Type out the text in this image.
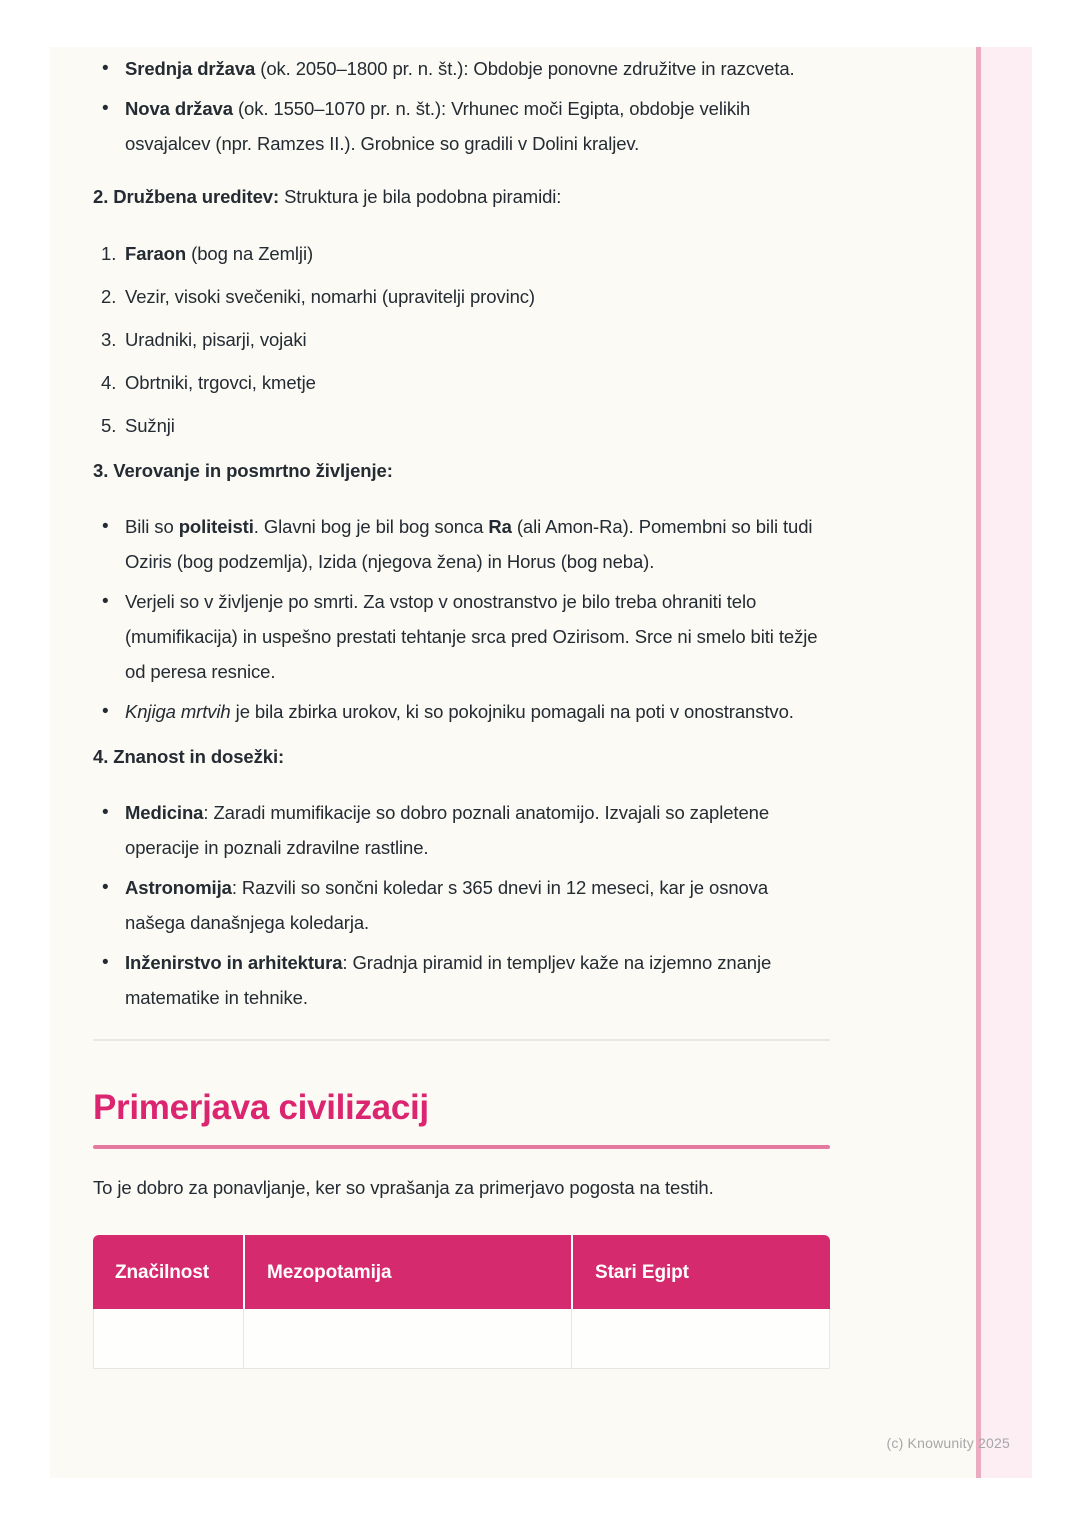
• Srednja država (ok. 2050–1800 pr. n. št.): Obdobje ponovne združitve in razcveta.
• Nova država (ok. 1550–1070 pr. n. št.): Vrhunec moči Egipta, obdobje velikih osvajalcev (npr. Ramzes II.). Grobnice so gradili v Dolini kraljev.

2. Družbena ureditev: Struktura je bila podobna piramidi:

Faraon (bog na Zemlji)
Vezir, visoki svečeniki, nomarhi (upravitelji provinc)
Uradniki, pisarji, vojaki
Obrtniki, trgovci, kmetje
Sužnji

3. Verovanje in posmrtno življenje:

• Bili so politeisti. Glavni bog je bil bog sonca Ra (ali Amon-Ra). Pomembni so bili tudi Oziris (bog podzemlja), Izida (njegova žena) in Horus (bog neba).
• Verjeli so v življenje po smrti. Za vstop v onostranstvo je bilo treba ohraniti telo (mumifikacija) in uspešno prestati tehtanje srca pred Ozirisom. Srce ni smelo biti težje od peresa resnice.
• Knjiga mrtvih je bila zbirka urokov, ki so pokojniku pomagali na poti v onostranstvo.

4. Znanost in dosežki:

• Medicina: Zaradi mumifikacije so dobro poznali anatomijo. Izvajali so zapletene operacije in poznali zdravilne rastline.
• Astronomija: Razvili so sončni koledar s 365 dnevi in 12 meseci, kar je osnova našega današnjega koledarja.
• Inženirstvo in arhitektura: Gradnja piramid in templjev kaže na izjemno znanje matematike in tehnike.
Primerjava civilizacij

To je dobro za ponavljanje, ker so vprašanja za primerjavo pogosta na testih.

Značilnost	Mezopotamija	Stari Egipt

(c) Knowunity 2025
